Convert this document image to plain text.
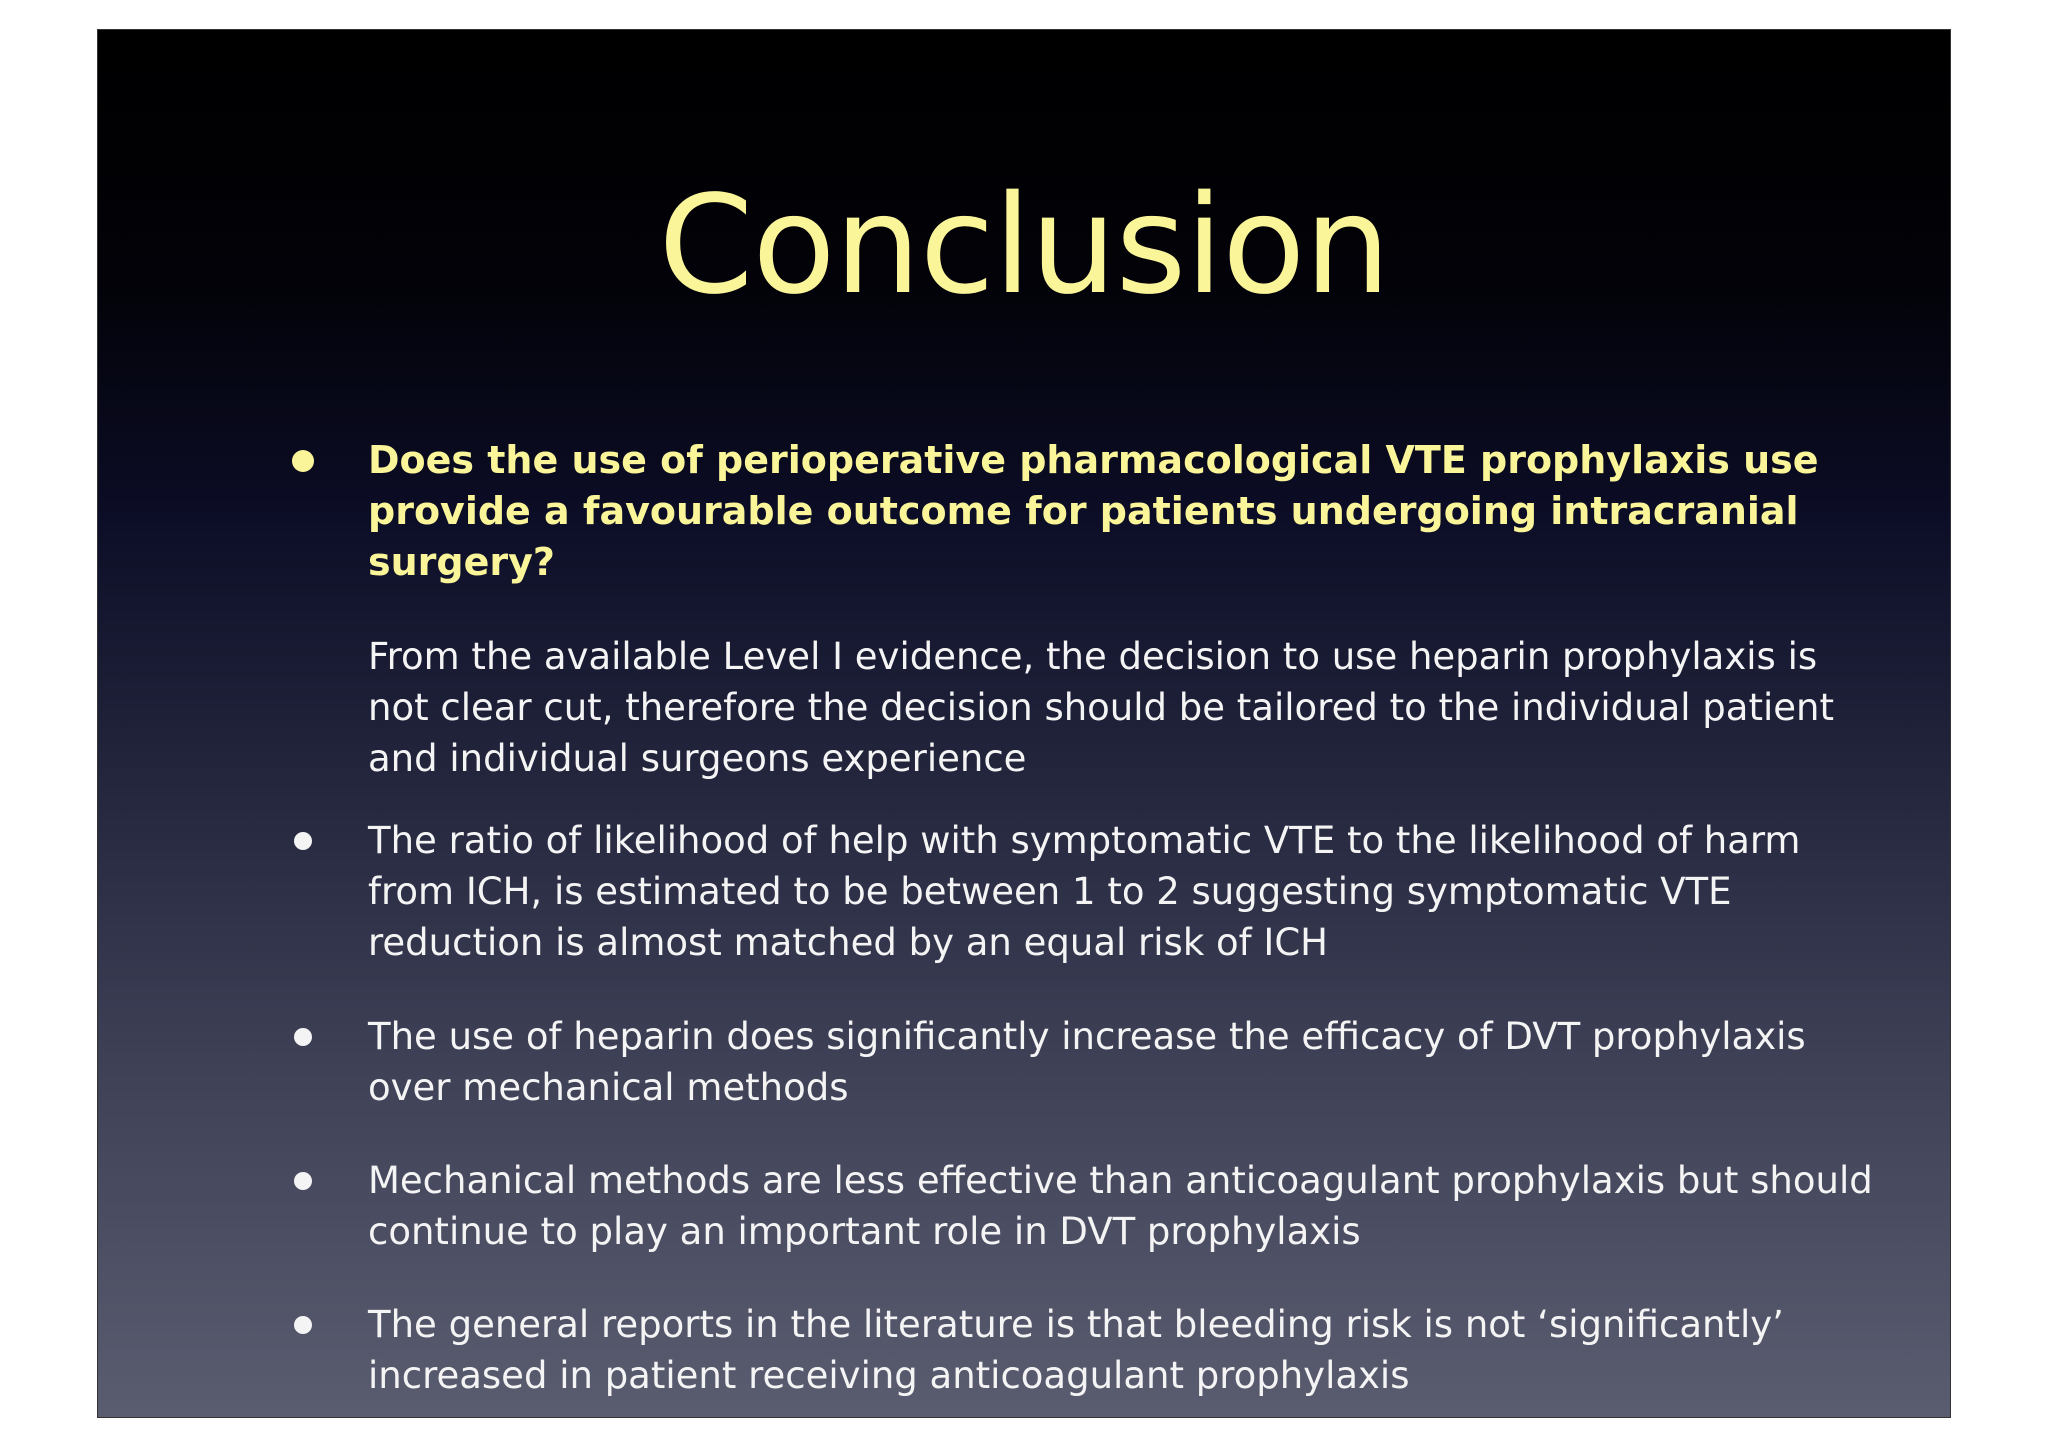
Conclusion
Does the use of perioperative pharmacological VTE prophylaxis use provide a favourable outcome for patients undergoing intracranial surgery?
From the available Level I evidence, the decision to use heparin prophylaxis is not clear cut, therefore the decision should be tailored to the individual patient and individual surgeons experience
The ratio of likelihood of help with symptomatic VTE to the likelihood of harm from ICH, is estimated to be between 1 to 2 suggesting symptomatic VTE reduction is almost matched by an equal risk of ICH
The use of heparin does significantly increase the efficacy of DVT prophylaxis over mechanical methods
Mechanical methods are less effective than anticoagulant prophylaxis but should continue to play an important role in DVT prophylaxis
The general reports in the literature is that bleeding risk is not ‘significantly’ increased in patient receiving anticoagulant prophylaxis
